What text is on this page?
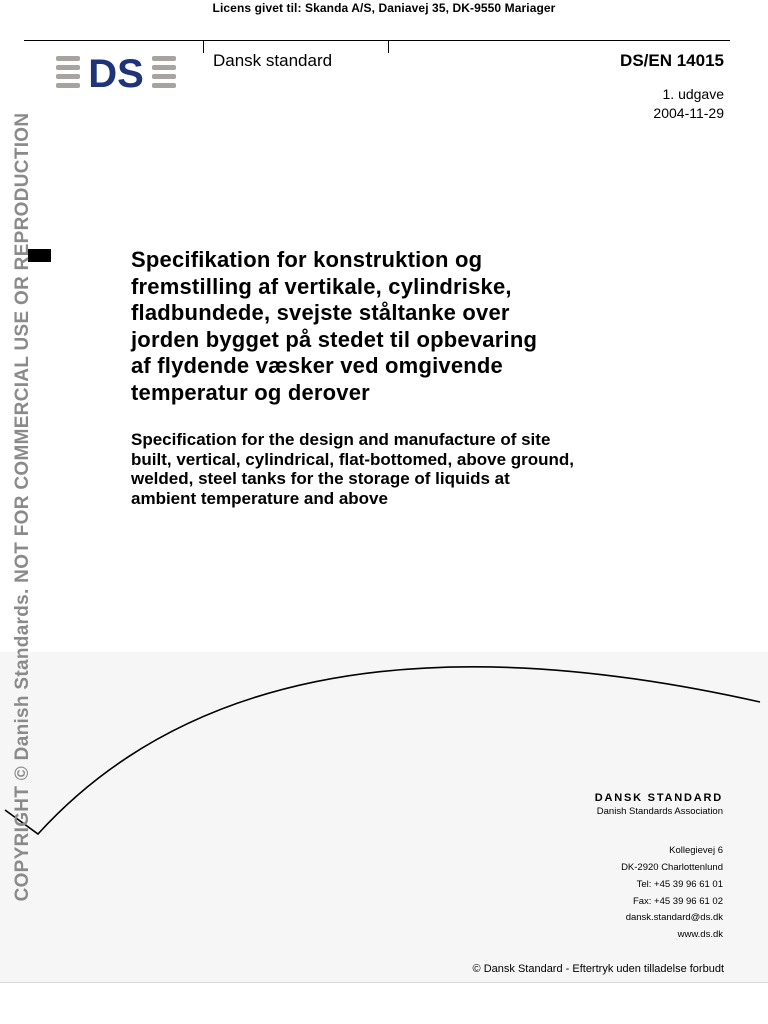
Licens givet til: Skanda A/S, Daniavej 35, DK-9550 Mariager
DS	Dansk standard	DS/EN 14015
1. udgave
2004-11-29
Specifikation for konstruktion og
fremstilling af vertikale, cylindriske,
fladbundede, svejste ståltanke over
jorden bygget på stedet til opbevaring
af flydende væsker ved omgivende
temperatur og derover
Specification for the design and manufacture of site
built, vertical, cylindrical, flat-bottomed, above ground,
welded, steel tanks for the storage of liquids at
ambient temperature and above
COPYRIGHT © Danish Standards. NOT FOR COMMERCIAL USE OR REPRODUCTION	DANSK STANDARD
Danish Standards Association
Kollegievej 6
DK-2920 Charlottenlund
Tel: +45 39 96 61 01
Fax: +45 39 96 61 02
dansk.standard@ds.dk
www.ds.dk
© Dansk Standard - Eftertryk uden tilladelse forbudt
